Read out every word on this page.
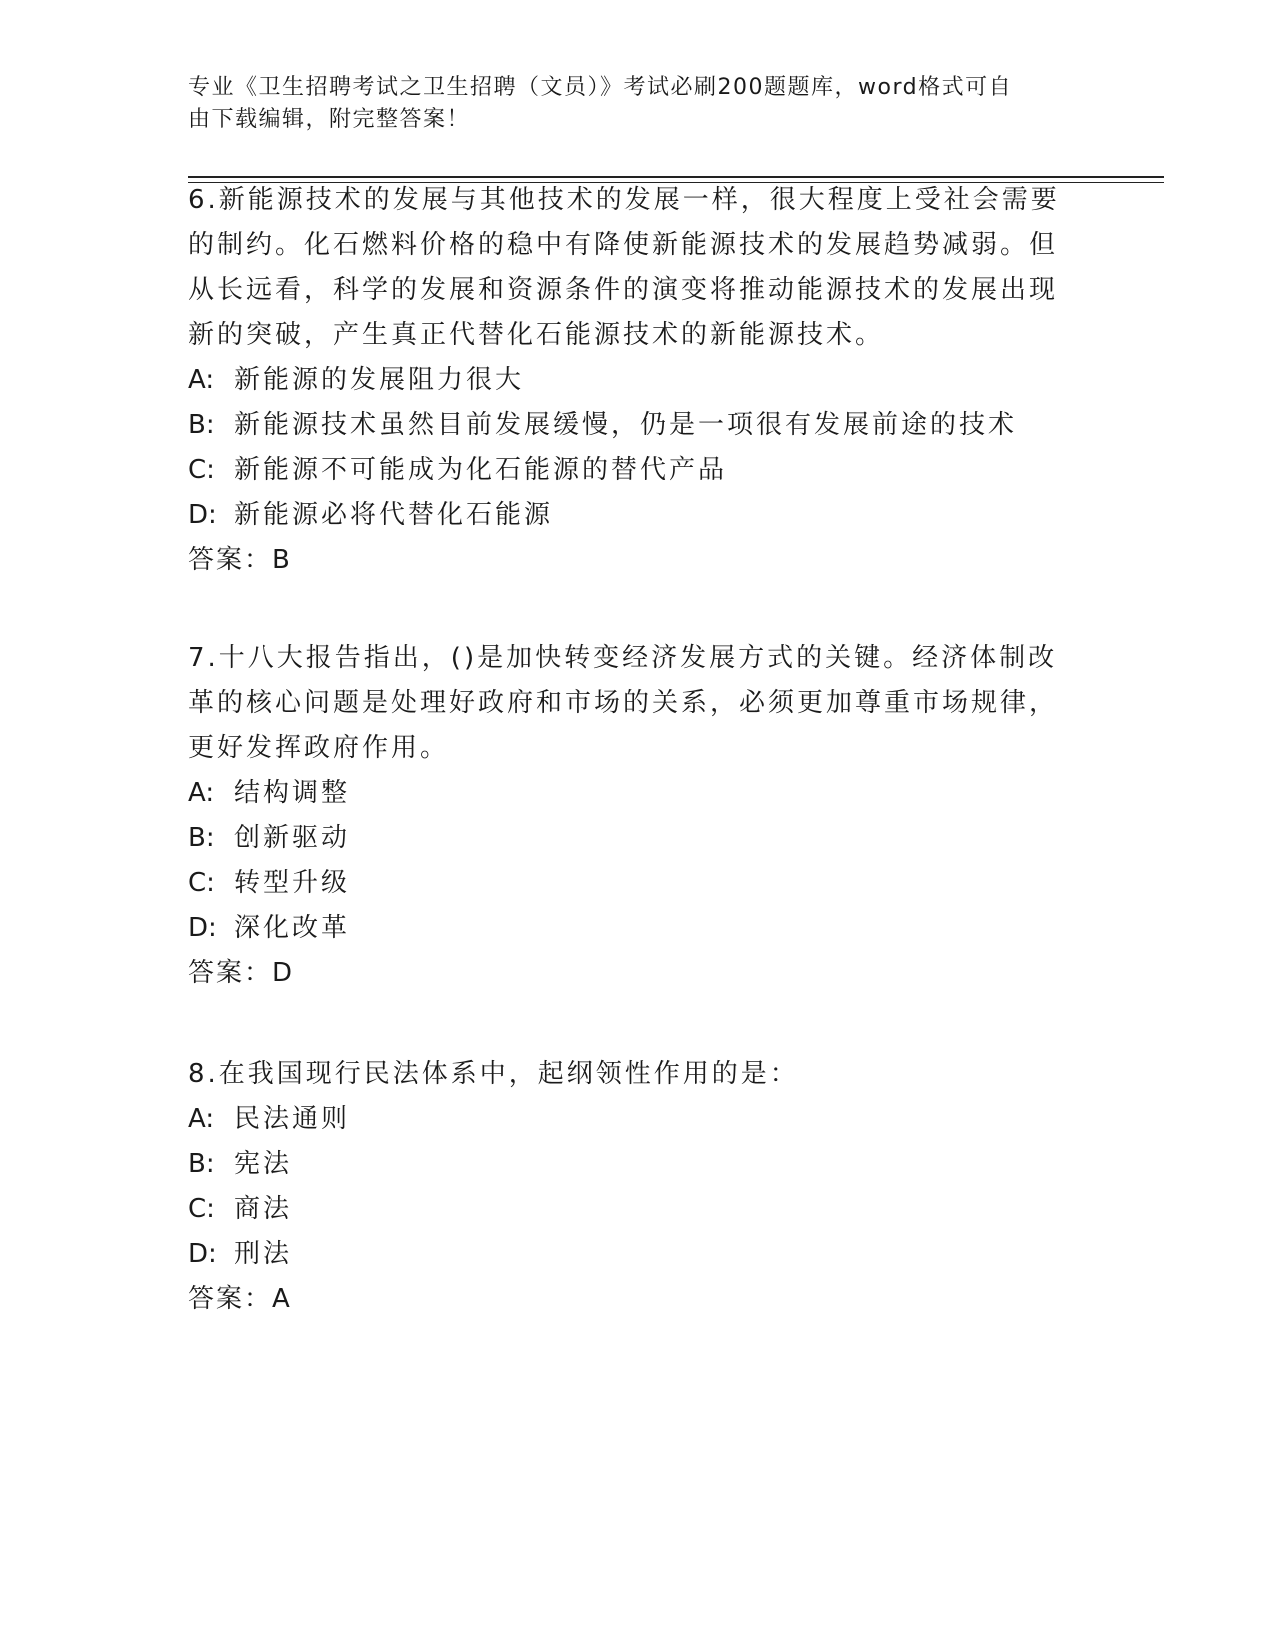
专业《卫生招聘考试之卫生招聘（文员）》考试必刷200题题库，word格式可自
由下载编辑，附完整答案！
6.新能源技术的发展与其他技术的发展一样，很大程度上受社会需要的制约。化石燃料价格的稳中有降使新能源技术的发展趋势减弱。但从长远看，科学的发展和资源条件的演变将推动能源技术的发展出现新的突破，产生真正代替化石能源技术的新能源技术。
A: 新能源的发展阻力很大
B: 新能源技术虽然目前发展缓慢，仍是一项很有发展前途的技术
C: 新能源不可能成为化石能源的替代产品
D: 新能源必将代替化石能源
答案：B
7.十八大报告指出，()是加快转变经济发展方式的关键。经济体制改革的核心问题是处理好政府和市场的关系，必须更加尊重市场规律，更好发挥政府作用。
A: 结构调整
B: 创新驱动
C: 转型升级
D: 深化改革
答案：D
8.在我国现行民法体系中，起纲领性作用的是：
A: 民法通则
B: 宪法
C: 商法
D: 刑法
答案：A
